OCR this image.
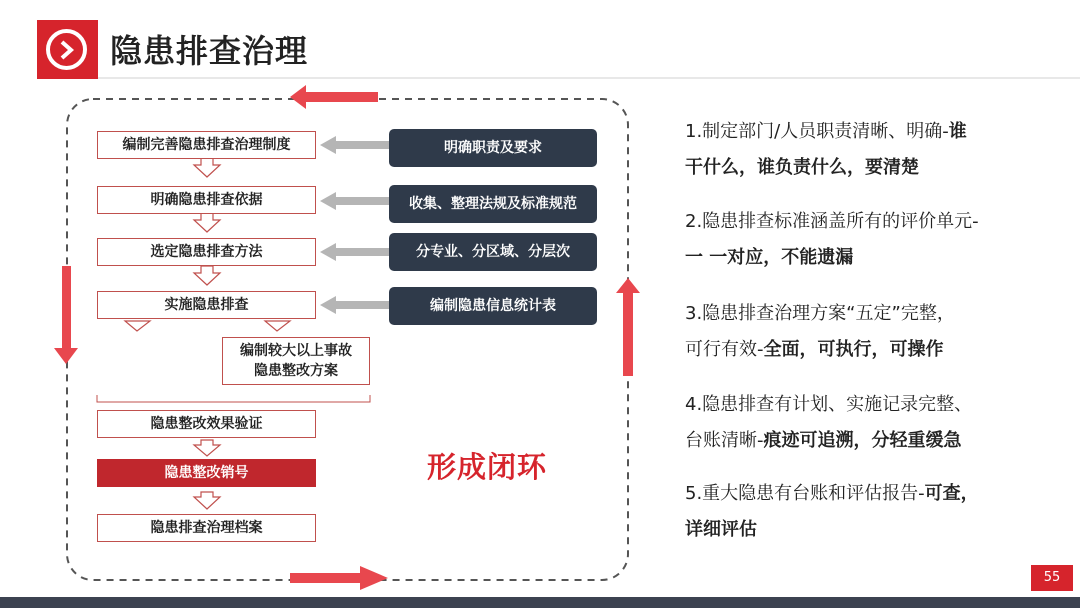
隐患排查治理
编制完善隐患排查治理制度
明确隐患排查依据
选定隐患排查方法
实施隐患排查
编制较大以上事故
隐患整改方案
隐患整改效果验证
隐患整改销号
隐患排查治理档案
明确职责及要求
收集、整理法规及标准规范
分专业、分区域、分层次
编制隐患信息统计表
形成闭环
1.制定部门/人员职责清晰、明确-谁
干什么，谁负责什么，要清楚
2.隐患排查标准涵盖所有的评价单元-
一 一对应，不能遗漏
3.隐患排查治理方案“五定”完整，
可行有效-全面，可执行，可操作
4.隐患排查有计划、实施记录完整、
台账清晰-痕迹可追溯，分轻重缓急
5.重大隐患有台账和评估报告-可查，
详细评估
55
